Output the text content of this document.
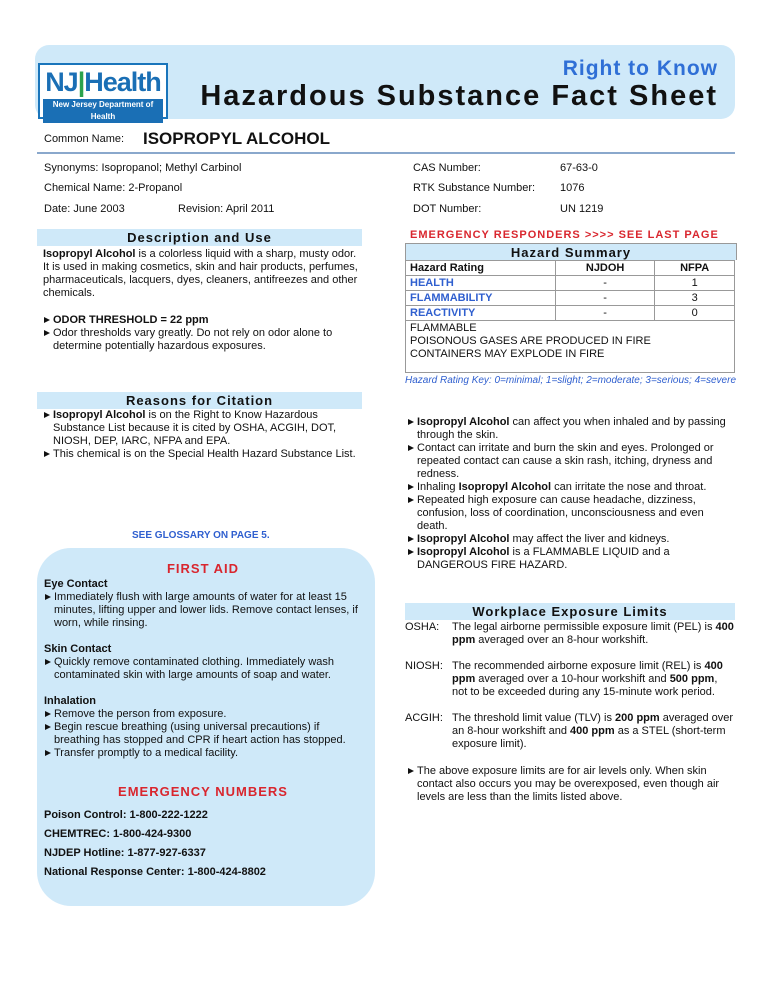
NJ|Health
New Jersey Department of Health
Right to Know
Hazardous Substance Fact Sheet
Common Name: ISOPROPYL ALCOHOL
Synonyms: Isopropanol; Methyl Carbinol
Chemical Name: 2-Propanol
Date: June 2003	Revision: April 2011
CAS Number:	67-63-0
RTK Substance Number: 1076
DOT Number:	UN 1219
Description and Use

Isopropyl Alcohol is a colorless liquid with a sharp, musty odor. It is used in making cosmetics, skin and hair products, perfumes, pharmaceuticals, lacquers, dyes, cleaners, antifreezes and other chemicals.

ODOR THRESHOLD = 22 ppm

Odor thresholds vary greatly. Do not rely on odor alone to determine potentially hazardous exposures.

Reasons for Citation

Isopropyl Alcohol is on the Right to Know Hazardous Substance List because it is cited by OSHA, ACGIH, DOT, NIOSH, DEP, IARC, NFPA and EPA.

This chemical is on the Special Health Hazard Substance List.

SEE GLOSSARY ON PAGE 5.
FIRST AID

Eye Contact

Immediately flush with large amounts of water for at least 15 minutes, lifting upper and lower lids. Remove contact lenses, if worn, while rinsing.

Skin Contact

Quickly remove contaminated clothing. Immediately wash contaminated skin with large amounts of soap and water.

Inhalation

Remove the person from exposure.

Begin rescue breathing (using universal precautions) if breathing has stopped and CPR if heart action has stopped.

Transfer promptly to a medical facility.

EMERGENCY NUMBERS

Poison Control: 1-800-222-1222

CHEMTREC: 1-800-424-9300

NJDEP Hotline: 1-877-927-6337

National Response Center: 1-800-424-8802

EMERGENCY RESPONDERS >>>> SEE LAST PAGE
Hazard Summary
Hazard Rating	NJDOH	NFPA
HEALTH	-	1
FLAMMABILITY	-	3
REACTIVITY	-	0

FLAMMABLE
POISONOUS GASES ARE PRODUCED IN FIRE
CONTAINERS MAY EXPLODE IN FIRE		

Hazard Rating Key: 0=minimal; 1=slight; 2=moderate; 3=serious; 4=severe

Isopropyl Alcohol can affect you when inhaled and by passing through the skin.

Contact can irritate and burn the skin and eyes. Prolonged or repeated contact can cause a skin rash, itching, dryness and redness.

Inhaling Isopropyl Alcohol can irritate the nose and throat.

Repeated high exposure can cause headache, dizziness, confusion, loss of coordination, unconsciousness and even death.

Isopropyl Alcohol may affect the liver and kidneys.

Isopropyl Alcohol is a FLAMMABLE LIQUID and a DANGEROUS FIRE HAZARD.

Workplace Exposure Limits
OSHA:	The legal airborne permissible exposure limit (PEL) is 400 ppm averaged over an 8-hour workshift.
NIOSH: The recommended airborne exposure limit (REL) is 400 ppm averaged over a 10-hour workshift and 500 ppm, not to be exceeded during any 15-minute work period.
ACGIH: The threshold limit value (TLV) is 200 ppm averaged over an 8-hour workshift and 400 ppm as a STEL (short-term exposure limit).

The above exposure limits are for air levels only. When skin contact also occurs you may be overexposed, even though air levels are less than the limits listed above.
